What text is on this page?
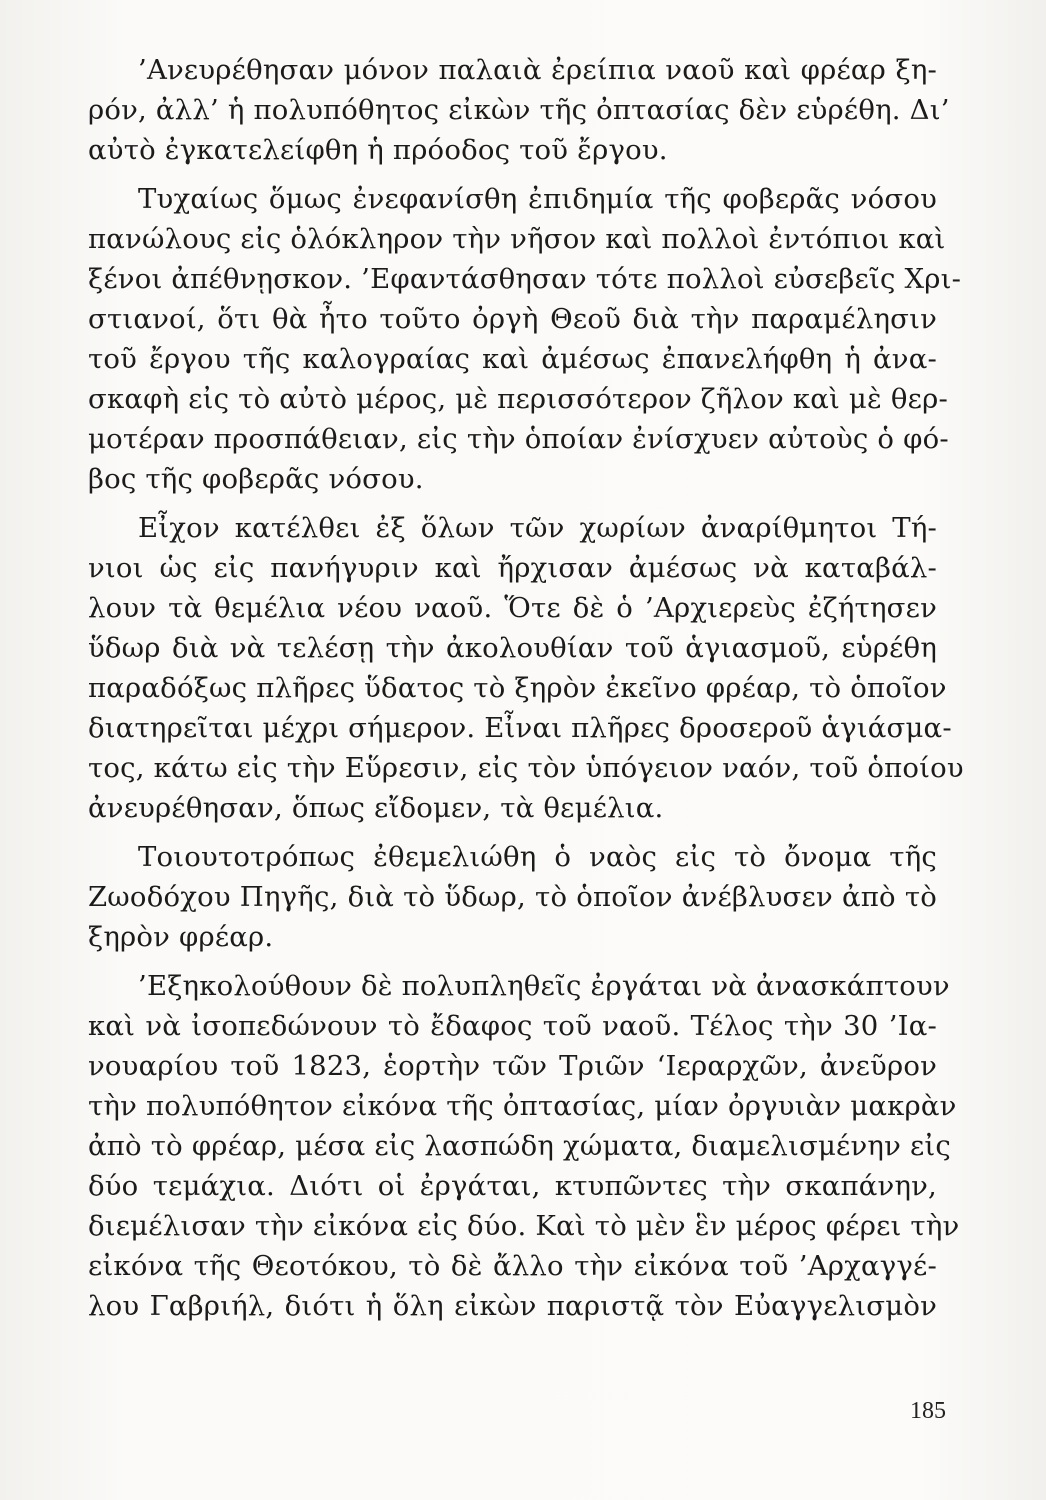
’Ανευρέθησαν μόνον παλαιὰ ἐρείπια ναοῦ καὶ φρέαρ ξη-
ρόν, ἀλλ’ ἡ πολυπόθητος εἰκὼν τῆς ὀπτασίας δὲν εὑρέθη. Δι’
αὐτὸ ἐγκατελείφθη ἡ πρόοδος τοῦ ἔργου.

Τυχαίως ὅμως ἐνεφανίσθη ἐπιδημία τῆς φοβερᾶς νόσου
πανώλους εἰς ὁλόκληρον τὴν νῆσον καὶ πολλοὶ ἐντόπιοι καὶ
ξένοι ἀπέθνῃσκον. ’Εφαντάσθησαν τότε πολλοὶ εὐσεβεῖς Χρι-
στιανοί, ὅτι θὰ ἦτο τοῦτο ὀργὴ Θεοῦ διὰ τὴν παραμέλησιν
τοῦ ἔργου τῆς καλογραίας καὶ ἀμέσως ἐπανελήφθη ἡ ἀνα-
σκαφὴ εἰς τὸ αὐτὸ μέρος, μὲ περισσότερον ζῆλον καὶ μὲ θερ-
μοτέραν προσπάθειαν, εἰς τὴν ὁποίαν ἐνίσχυεν αὐτοὺς ὁ φό-
βος τῆς φοβερᾶς νόσου.

Εἶχον κατέλθει ἐξ ὅλων τῶν χωρίων ἀναρίθμητοι Τή-
νιοι ὡς εἰς πανήγυριν καὶ ἤρχισαν ἀμέσως νὰ καταβάλ-
λουν τὰ θεμέλια νέου ναοῦ. Ὅτε δὲ ὁ ’Αρχιερεὺς ἐζήτησεν
ὕδωρ διὰ νὰ τελέσῃ τὴν ἀκολουθίαν τοῦ ἁγιασμοῦ, εὑρέθη
παραδόξως πλῆρες ὕδατος τὸ ξηρὸν ἐκεῖνο φρέαρ, τὸ ὁποῖον
διατηρεῖται μέχρι σήμερον. Εἶναι πλῆρες δροσεροῦ ἁγιάσμα-
τος, κάτω εἰς τὴν Εὕρεσιν, εἰς τὸν ὑπόγειον ναόν, τοῦ ὁποίου
ἀνευρέθησαν, ὅπως εἴδομεν, τὰ θεμέλια.

Τοιουτοτρόπως ἐθεμελιώθη ὁ ναὸς εἰς τὸ ὄνομα τῆς
Ζωοδόχου Πηγῆς, διὰ τὸ ὕδωρ, τὸ ὁποῖον ἀνέβλυσεν ἀπὸ τὸ
ξηρὸν φρέαρ.

’Εξηκολούθουν δὲ πολυπληθεῖς ἐργάται νὰ ἀνασκάπτουν
καὶ νὰ ἰσοπεδώνουν τὸ ἔδαφος τοῦ ναοῦ. Τέλος τὴν 30 ’Ια-
νουαρίου τοῦ 1823, ἑορτὴν τῶν Τριῶν ‘Ιεραρχῶν, ἀνεῦρον
τὴν πολυπόθητον εἰκόνα τῆς ὀπτασίας, μίαν ὀργυιὰν μακρὰν
ἀπὸ τὸ φρέαρ, μέσα εἰς λασπώδη χώματα, διαμελισμένην εἰς
δύο τεμάχια. Διότι οἱ ἐργάται, κτυπῶντες τὴν σκαπάνην,
διεμέλισαν τὴν εἰκόνα εἰς δύο. Καὶ τὸ μὲν ἓν μέρος φέρει τὴν
εἰκόνα τῆς Θεοτόκου, τὸ δὲ ἄλλο τὴν εἰκόνα τοῦ ’Αρχαγγέ-
λου Γαβριήλ, διότι ἡ ὅλη εἰκὼν παριστᾷ τὸν Εὐαγγελισμὸν

185
